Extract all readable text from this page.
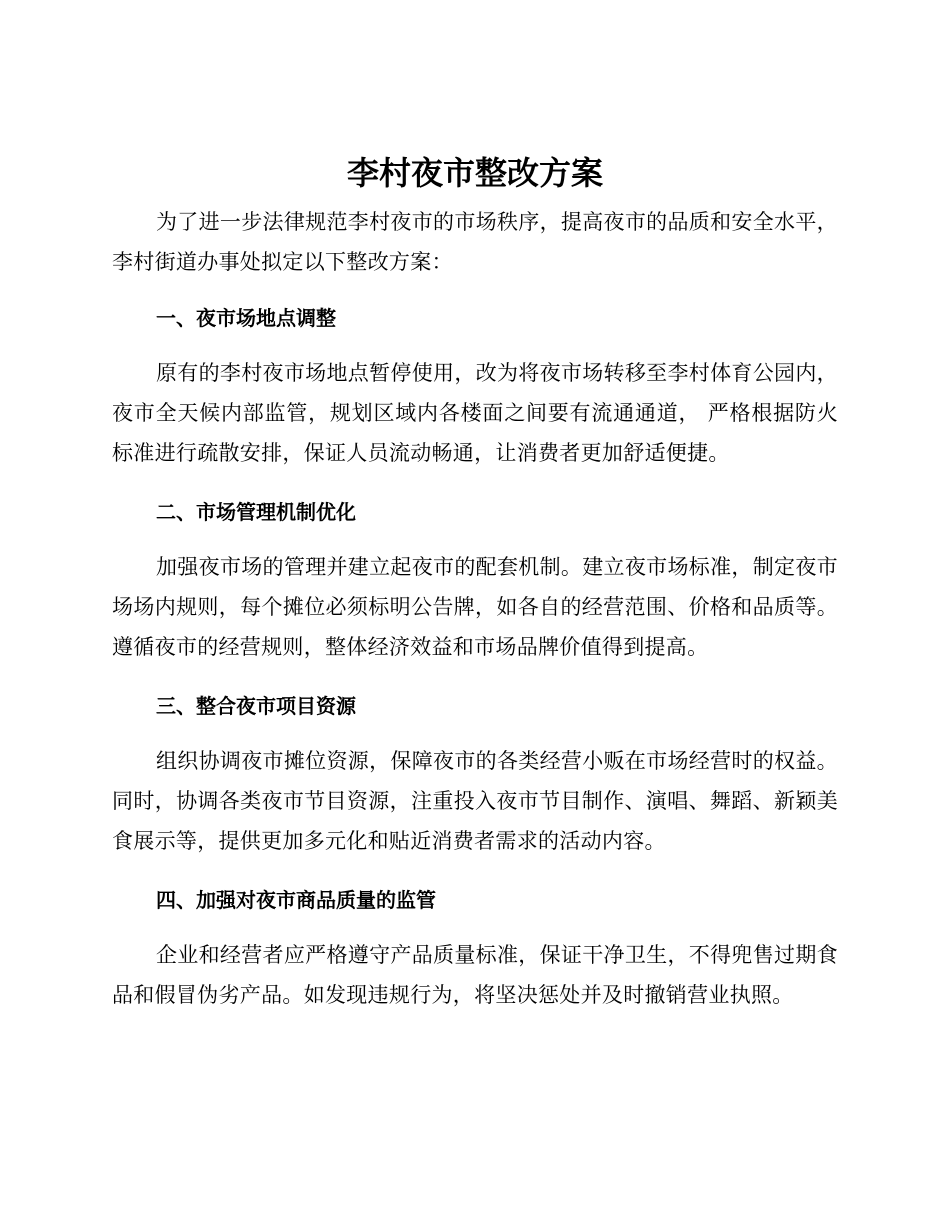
李村夜市整改方案

为了进一步法律规范李村夜市的市场秩序，提高夜市的品质和安全水平，李村街道办事处拟定以下整改方案：

一、夜市场地点调整

原有的李村夜市场地点暂停使用，改为将夜市场转移至李村体育公园内，夜市全天候内部监管，规划区域内各楼面之间要有流通通道， 严格根据防火标准进行疏散安排，保证人员流动畅通，让消费者更加舒适便捷。

二、市场管理机制优化

加强夜市场的管理并建立起夜市的配套机制。建立夜市场标准，制定夜市场场内规则，每个摊位必须标明公告牌，如各自的经营范围、价格和品质等。遵循夜市的经营规则，整体经济效益和市场品牌价值得到提高。

三、整合夜市项目资源

组织协调夜市摊位资源，保障夜市的各类经营小贩在市场经营时的权益。同时，协调各类夜市节目资源，注重投入夜市节目制作、演唱、舞蹈、新颖美食展示等，提供更加多元化和贴近消费者需求的活动内容。

四、加强对夜市商品质量的监管

企业和经营者应严格遵守产品质量标准，保证干净卫生，不得兜售过期食品和假冒伪劣产品。如发现违规行为，将坚决惩处并及时撤销营业执照。
